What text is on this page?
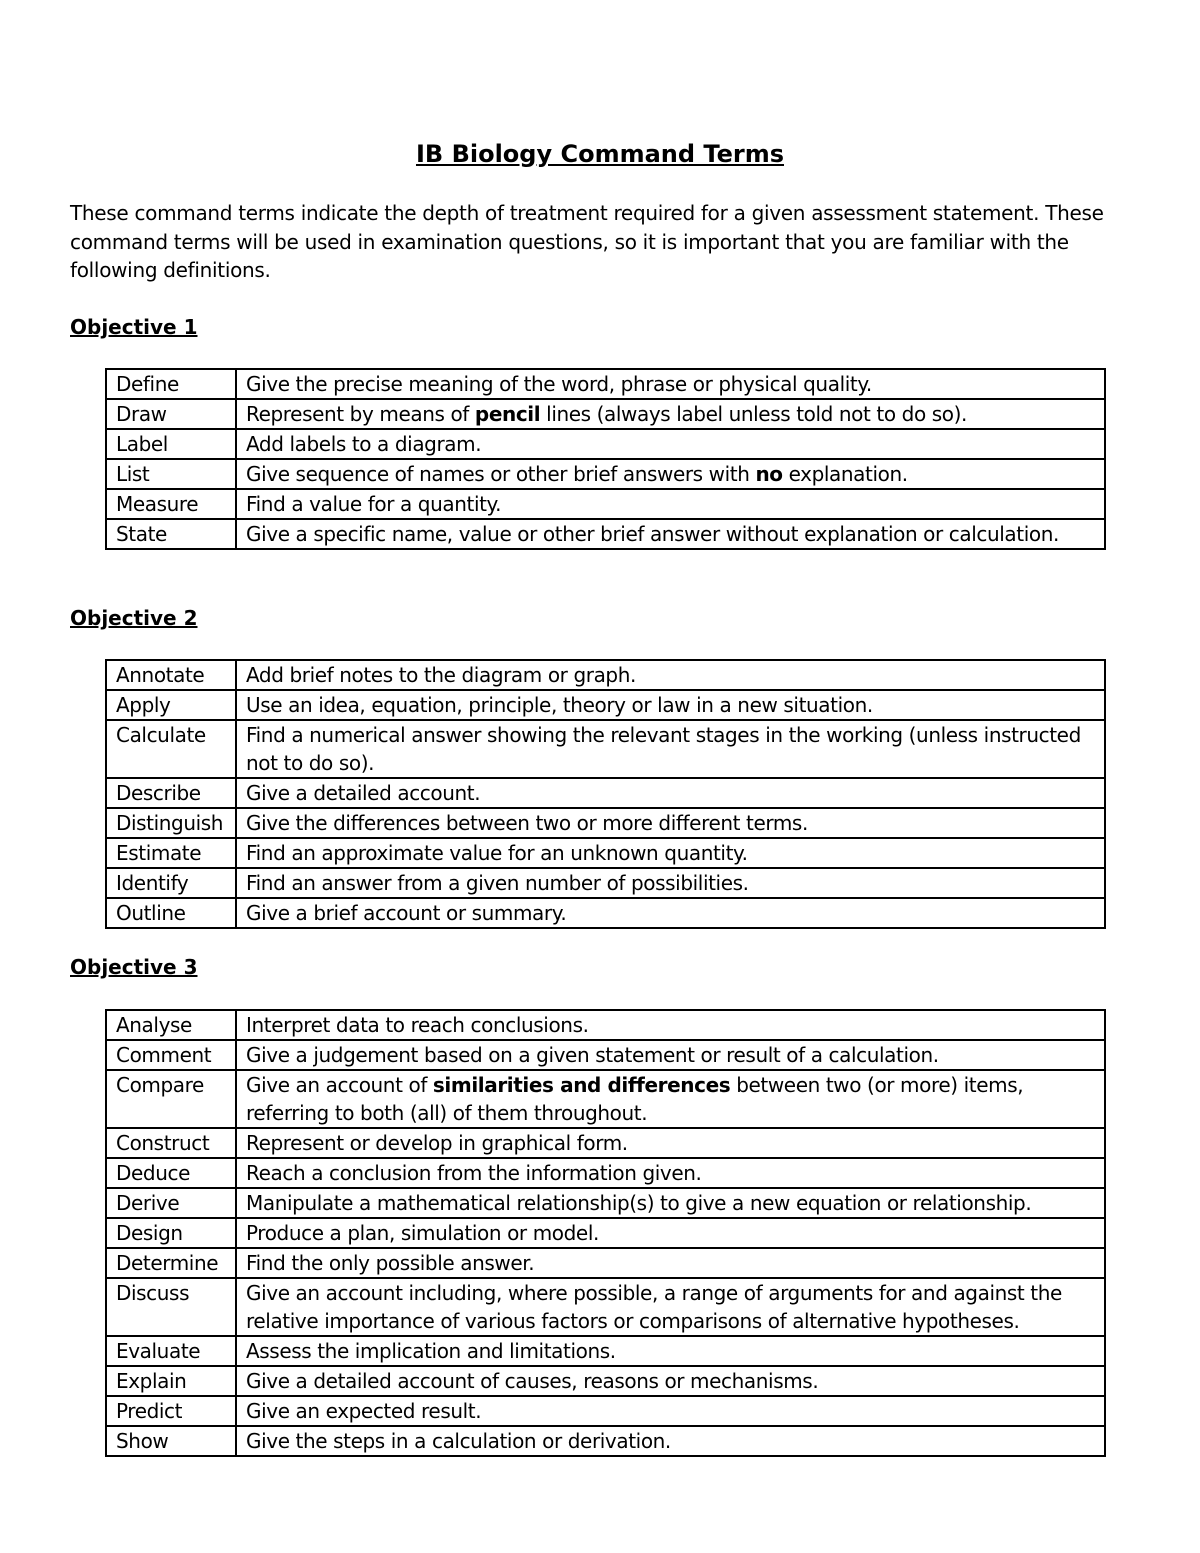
IB Biology Command Terms
These command terms indicate the depth of treatment required for a given assessment statement. These command terms will be used in examination questions, so it is important that you are familiar with the following definitions.
Objective 1
Define	Give the precise meaning of the word, phrase or physical quality.
Draw	Represent by means of pencil lines (always label unless told not to do so).
Label	Add labels to a diagram.
List	Give sequence of names or other brief answers with no explanation.
Measure	Find a value for a quantity.
State	Give a specific name, value or other brief answer without explanation or calculation.
Objective 2
Annotate	Add brief notes to the diagram or graph.
Apply	Use an idea, equation, principle, theory or law in a new situation.
Calculate	Find a numerical answer showing the relevant stages in the working (unless instructed not to do so).
Describe	Give a detailed account.
Distinguish	Give the differences between two or more different terms.
Estimate	Find an approximate value for an unknown quantity.
Identify	Find an answer from a given number of possibilities.
Outline	Give a brief account or summary.
Objective 3
Analyse	Interpret data to reach conclusions.
Comment	Give a judgement based on a given statement or result of a calculation.
Compare	Give an account of similarities and differences between two (or more) items, referring to both (all) of them throughout.
Construct	Represent or develop in graphical form.
Deduce	Reach a conclusion from the information given.
Derive	Manipulate a mathematical relationship(s) to give a new equation or relationship.
Design	Produce a plan, simulation or model.
Determine	Find the only possible answer.
Discuss	Give an account including, where possible, a range of arguments for and against the relative importance of various factors or comparisons of alternative hypotheses.
Evaluate	Assess the implication and limitations.
Explain	Give a detailed account of causes, reasons or mechanisms.
Predict	Give an expected result.
Show	Give the steps in a calculation or derivation.
